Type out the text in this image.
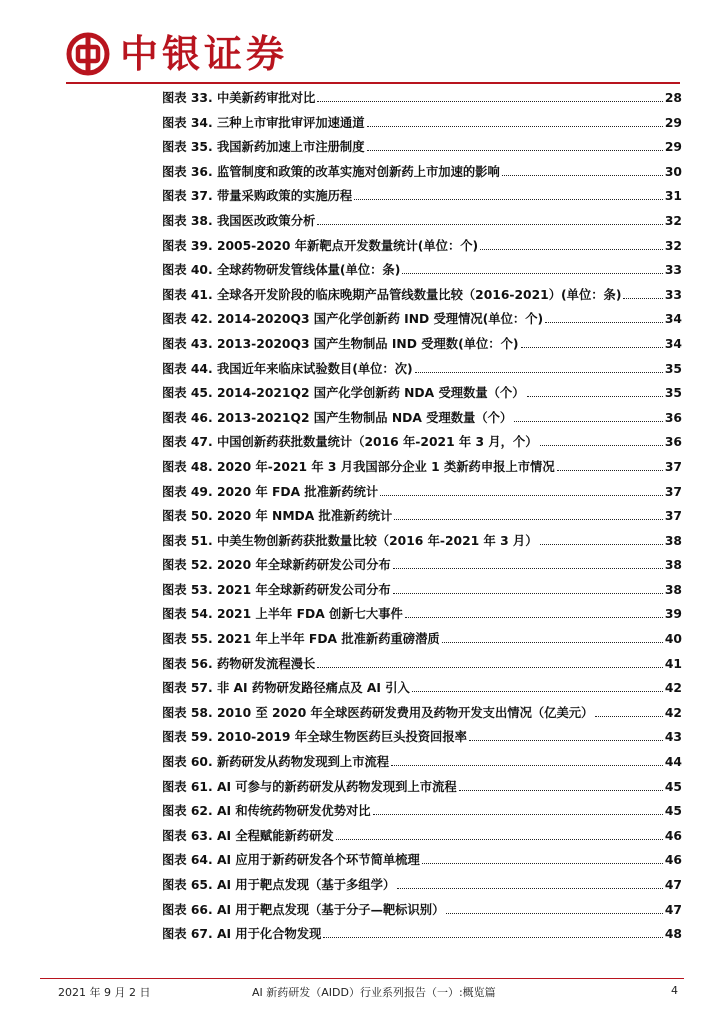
中银证券
图表 33. 中美新药审批对比	28
图表 34. 三种上市审批审评加速通道	29
图表 35. 我国新药加速上市注册制度	29
图表 36. 监管制度和政策的改革实施对创新药上市加速的影响	30
图表 37. 带量采购政策的实施历程	31
图表 38. 我国医改政策分析	32
图表 39. 2005-2020 年新靶点开发数量统计(单位：个)	32
图表 40. 全球药物研发管线体量(单位：条)	33
图表 41. 全球各开发阶段的临床晚期产品管线数量比较（2016-2021）(单位：条)	33
图表 42. 2014-2020Q3 国产化学创新药 IND 受理情况(单位：个)	34
图表 43. 2013-2020Q3 国产生物制品 IND 受理数(单位：个)	34
图表 44. 我国近年来临床试验数目(单位：次)	35
图表 45. 2014-2021Q2 国产化学创新药 NDA 受理数量（个）	35
图表 46. 2013-2021Q2 国产生物制品 NDA 受理数量（个）	36
图表 47. 中国创新药获批数量统计（2016 年-2021 年 3 月，个）	36
图表 48. 2020 年-2021 年 3 月我国部分企业 1 类新药申报上市情况	37
图表 49. 2020 年 FDA 批准新药统计	37
图表 50. 2020 年 NMDA 批准新药统计	37
图表 51. 中美生物创新药获批数量比较（2016 年-2021 年 3 月）	38
图表 52. 2020 年全球新药研发公司分布	38
图表 53. 2021 年全球新药研发公司分布	38
图表 54. 2021 上半年 FDA 创新七大事件	39
图表 55. 2021 年上半年 FDA 批准新药重磅潜质	40
图表 56. 药物研发流程漫长	41
图表 57. 非 AI 药物研发路径痛点及 AI 引入	42
图表 58. 2010 至 2020 年全球医药研发费用及药物开发支出情况（亿美元）	42
图表 59. 2010-2019 年全球生物医药巨头投资回报率	43
图表 60. 新药研发从药物发现到上市流程	44
图表 61. AI 可参与的新药研发从药物发现到上市流程	45
图表 62. AI 和传统药物研发优势对比	45
图表 63. AI 全程赋能新药研发	46
图表 64. AI 应用于新药研发各个环节简单梳理	46
图表 65. AI 用于靶点发现（基于多组学）	47
图表 66. AI 用于靶点发现（基于分子—靶标识别）	47
图表 67. AI 用于化合物发现	48
2021 年 9 月 2 日	AI 新药研发（AIDD）行业系列报告（一）:概览篇	4
